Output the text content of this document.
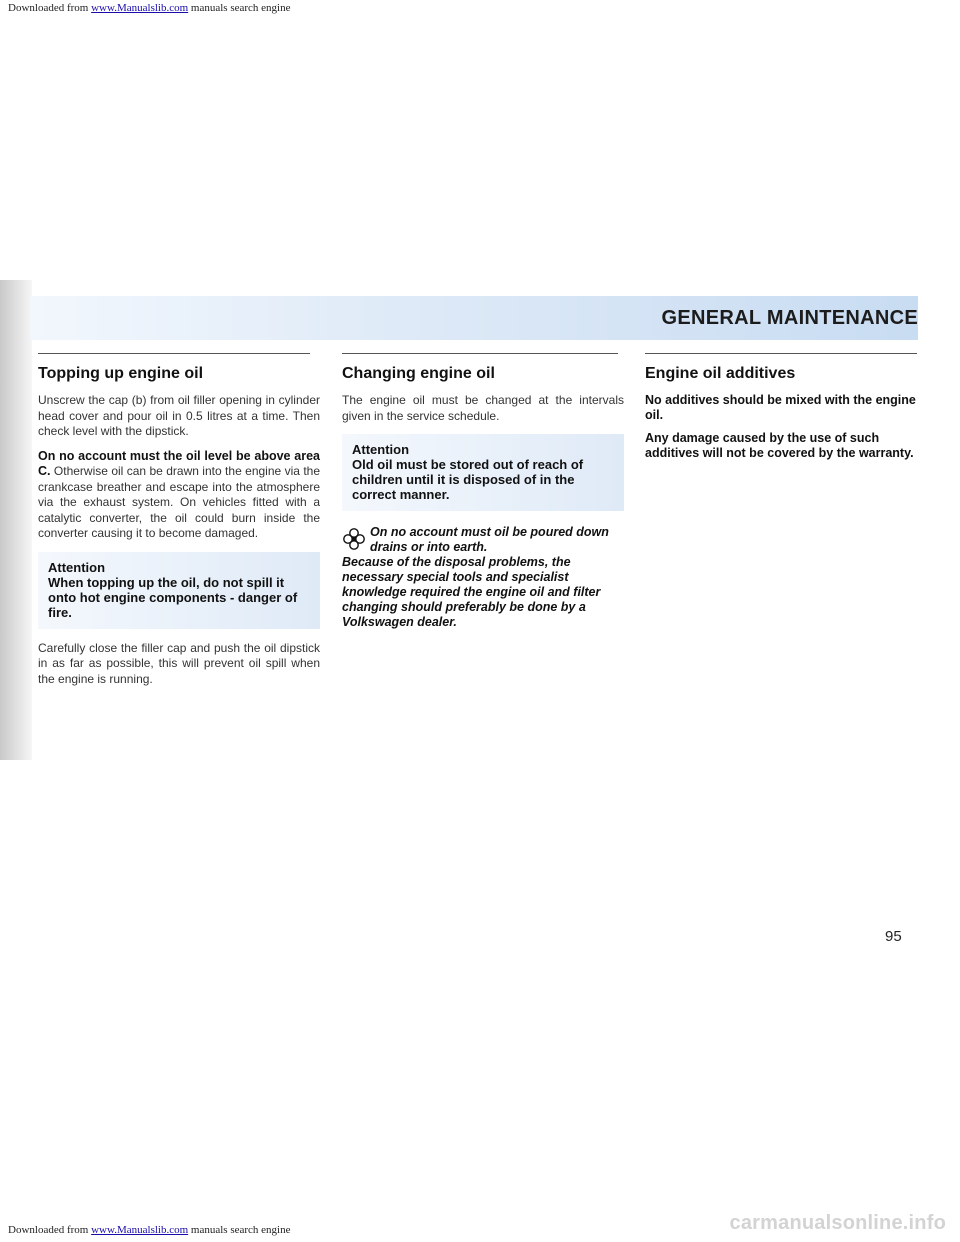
Downloaded from www.Manualslib.com manuals search engine
GENERAL MAINTENANCE
Topping up engine oil

Unscrew the cap (b) from oil filler opening in cylinder head cover and pour oil in 0.5 litres at a time. Then check level with the dipstick.

On no account must the oil level be above area C. Otherwise oil can be drawn into the engine via the crankcase breather and escape into the atmosphere via the exhaust system. On vehicles fitted with a catalytic converter, the oil could burn inside the converter causing it to become damaged.

Attention
When topping up the oil, do not spill it onto hot engine components - danger of fire.

Carefully close the filler cap and push the oil dipstick in as far as possible, this will prevent oil spill when the engine is running.

Changing engine oil

The engine oil must be changed at the intervals given in the service schedule.

Attention
Old oil must be stored out of reach of children until it is disposed of in the correct manner.

On no account must oil be poured down drains or into earth.

Because of the disposal problems, the necessary special tools and specialist knowledge required the engine oil and filter changing should preferably be done by a Volkswagen dealer.

Engine oil additives

No additives should be mixed with the engine oil.

Any damage caused by the use of such additives will not be covered by the warranty.

95
Downloaded from www.Manualslib.com manuals search engine	carmanualsonline.info
